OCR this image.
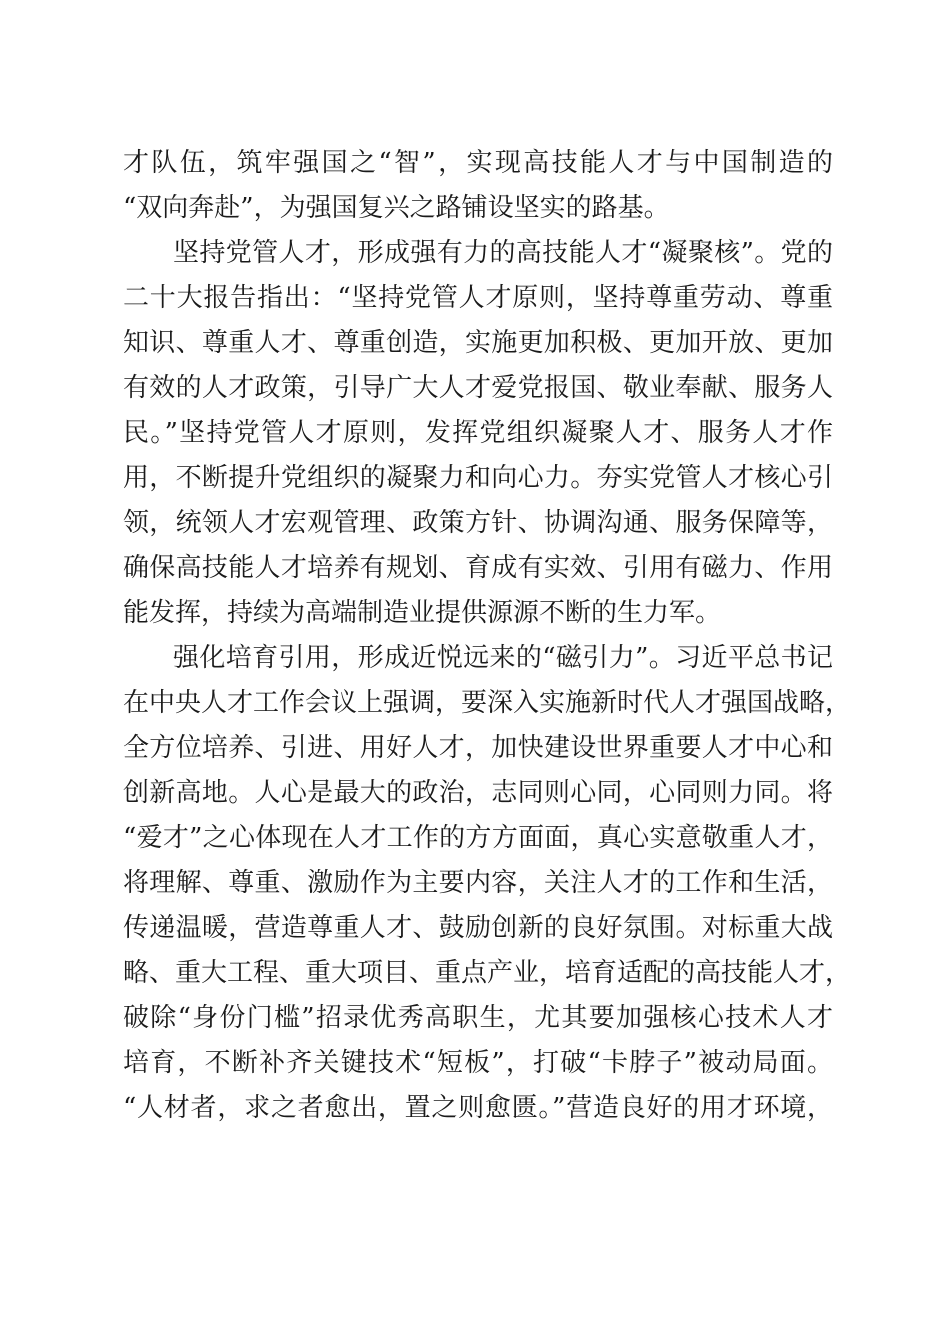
才队伍，筑牢强国之“智”，实现高技能人才与中国制造的
“双向奔赴”，为强国复兴之路铺设坚实的路基。
坚持党管人才，形成强有力的高技能人才“凝聚核”。党的
二十大报告指出：“坚持党管人才原则，坚持尊重劳动、尊重
知识、尊重人才、尊重创造，实施更加积极、更加开放、更加
有效的人才政策，引导广大人才爱党报国、敬业奉献、服务人
民。”坚持党管人才原则，发挥党组织凝聚人才、服务人才作
用，不断提升党组织的凝聚力和向心力。夯实党管人才核心引
领，统领人才宏观管理、政策方针、协调沟通、服务保障等，
确保高技能人才培养有规划、育成有实效、引用有磁力、作用
能发挥，持续为高端制造业提供源源不断的生力军。
强化培育引用，形成近悦远来的“磁引力”。习近平总书记
在中央人才工作会议上强调，要深入实施新时代人才强国战略，
全方位培养、引进、用好人才，加快建设世界重要人才中心和
创新高地。人心是最大的政治，志同则心同，心同则力同。将
“爱才”之心体现在人才工作的方方面面，真心实意敬重人才，
将理解、尊重、激励作为主要内容，关注人才的工作和生活，
传递温暖，营造尊重人才、鼓励创新的良好氛围。对标重大战
略、重大工程、重大项目、重点产业，培育适配的高技能人才，
破除“身份门槛”招录优秀高职生，尤其要加强核心技术人才
培育，不断补齐关键技术“短板”，打破“卡脖子”被动局面。
“人材者，求之者愈出，置之则愈匮。”营造良好的用才环境，
